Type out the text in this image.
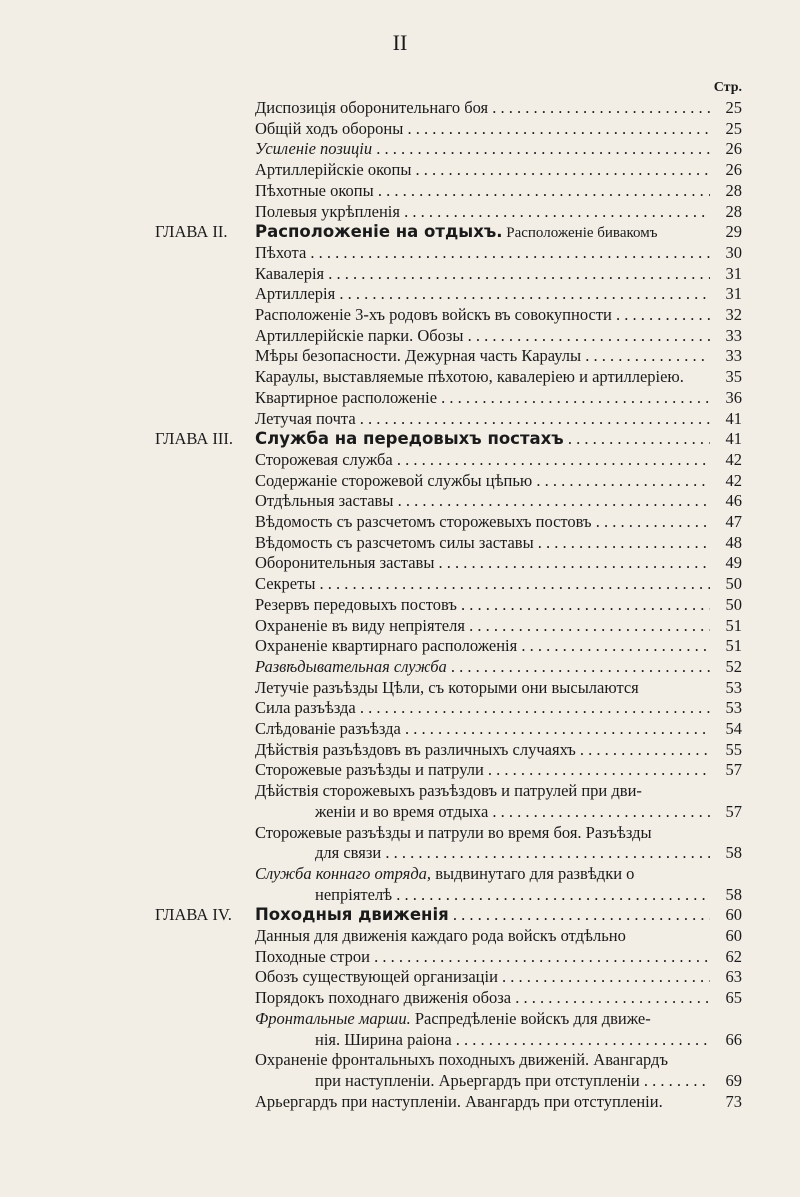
II
Стр.
Диспозиція оборонительнаго боя . . .	25
Общій ходъ обороны . . .	25
Усиленіе позиціи . . .	26
Артиллерійскіе окопы . . .	26
Пѣхотные окопы . . .	28
Полевыя укрѣпленія . . .	28
ГЛАВА II. Расположеніе на отдыхъ. Расположеніе бивакомъ	29
Пѣхота . . .	30
Кавалерія . . .	31
Артиллерія . . .	31
Расположеніе 3-хъ родовъ войскъ въ совокупности . . .	32
Артиллерійскіе парки. Обозы . . .	33
Мѣры безопасности. Дежурная часть Караулы . . .	33
Караулы, выставляемые пѣхотою, кавалеріею и артиллеріею.	35
Квартирное расположеніе . . .	36
Летучая почта . . .	41
ГЛАВА III. Служба на передовыхъ постахъ . . .	41
Сторожевая служба . . .	42
Содержаніе сторожевой службы цѣпью . . .	42
Отдѣльныя заставы . . .	46
Вѣдомость съ разсчетомъ сторожевыхъ постовъ . . .	47
Вѣдомость съ разсчетомъ силы заставы . . .	48
Оборонительныя заставы . . .	49
Секреты . . .	50
Резервъ передовыхъ постовъ . . .	50
Охраненіе въ виду непріятеля . . .	51
Охраненіе квартирнаго расположенія . . .	51
Развѣдывательная служба . . .	52
Летучіе разъѣзды Цѣли, съ которыми они высылаются	53
Сила разъѣзда . . .	53
Слѣдованіе разъѣзда . . .	54
Дѣйствія разъѣздовъ въ различныхъ случаяхъ . . .	55
Сторожевые разъѣзды и патрули . . .	57
Дѣйствія сторожевыхъ разъѣздовъ и патрулей при дви-
женіи и во время отдыха . . .	57
Сторожевые разъѣзды и патрули во время боя. Разъѣзды
для связи . . .	58
Служба коннаго отряда, выдвинутаго для развѣдки о
непріятелѣ . . .	58
ГЛАВА IV. Походныя движенія . . .	60
Данныя для движенія каждаго рода войскъ отдѣльно	60
Походные строи . . .	62
Обозъ существующей организаціи . . .	63
Порядокъ походнаго движенія обоза . . .	65
Фронтальные марши. Распредѣленіе войскъ для движе-
нія. Ширина раіона . . .	66
Охраненіе фронтальныхъ походныхъ движеній. Авангардъ
при наступленіи. Арьергардъ при отступленіи . . .	69
Арьергардъ при наступленіи. Авангардъ при отступленіи.	73
